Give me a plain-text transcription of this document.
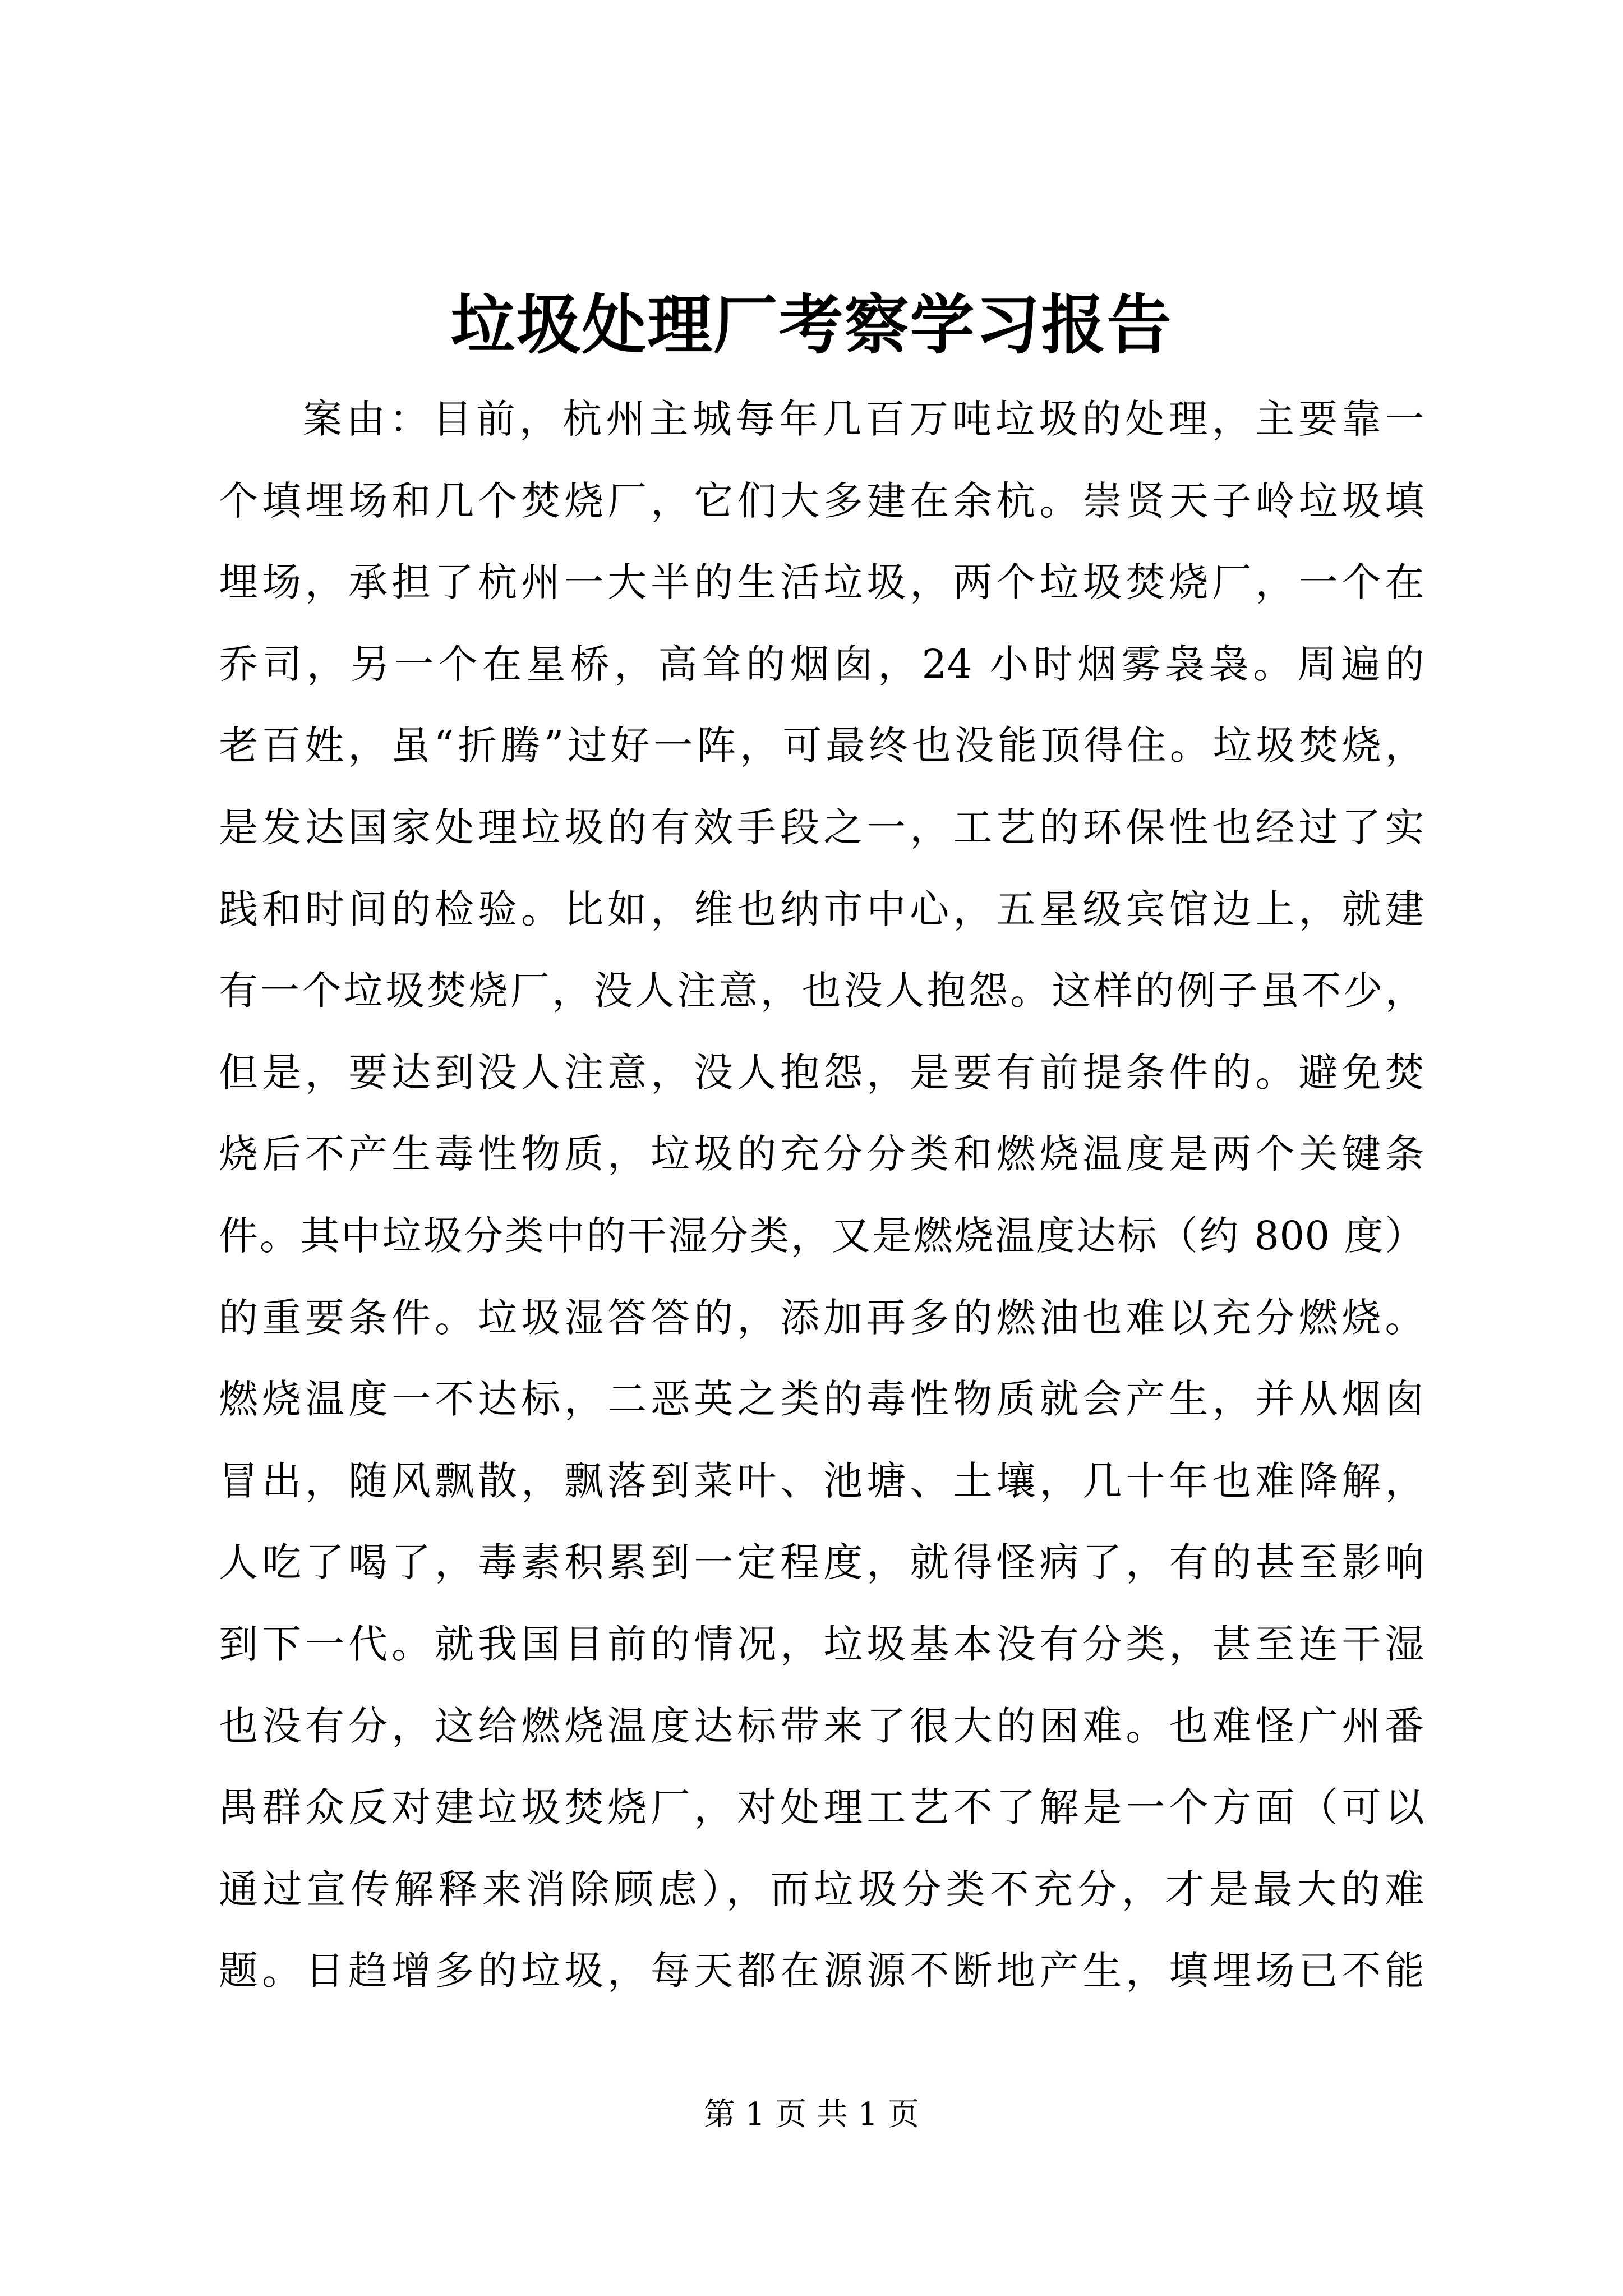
垃圾处理厂考察学习报告
案由：目前，杭州主城每年几百万吨垃圾的处理，主要靠一
个填埋场和几个焚烧厂，它们大多建在余杭。崇贤天子岭垃圾填
埋场，承担了杭州一大半的生活垃圾，两个垃圾焚烧厂，一个在
乔司，另一个在星桥，高耸的烟囱，24 小时烟雾袅袅。周遍的
老百姓，虽“折腾”过好一阵，可最终也没能顶得住。垃圾焚烧，
是发达国家处理垃圾的有效手段之一，工艺的环保性也经过了实
践和时间的检验。比如，维也纳市中心，五星级宾馆边上，就建
有一个垃圾焚烧厂，没人注意，也没人抱怨。这样的例子虽不少，
但是，要达到没人注意，没人抱怨，是要有前提条件的。避免焚
烧后不产生毒性物质，垃圾的充分分类和燃烧温度是两个关键条
件。其中垃圾分类中的干湿分类，又是燃烧温度达标（约 800 度）
的重要条件。垃圾湿答答的，添加再多的燃油也难以充分燃烧。
燃烧温度一不达标，二恶英之类的毒性物质就会产生，并从烟囱
冒出，随风飘散，飘落到菜叶、池塘、土壤，几十年也难降解，
人吃了喝了，毒素积累到一定程度，就得怪病了，有的甚至影响
到下一代。就我国目前的情况，垃圾基本没有分类，甚至连干湿
也没有分，这给燃烧温度达标带来了很大的困难。也难怪广州番
禺群众反对建垃圾焚烧厂，对处理工艺不了解是一个方面（可以
通过宣传解释来消除顾虑），而垃圾分类不充分，才是最大的难
题。日趋增多的垃圾，每天都在源源不断地产生，填埋场已不能
第 1 页 共 1 页
